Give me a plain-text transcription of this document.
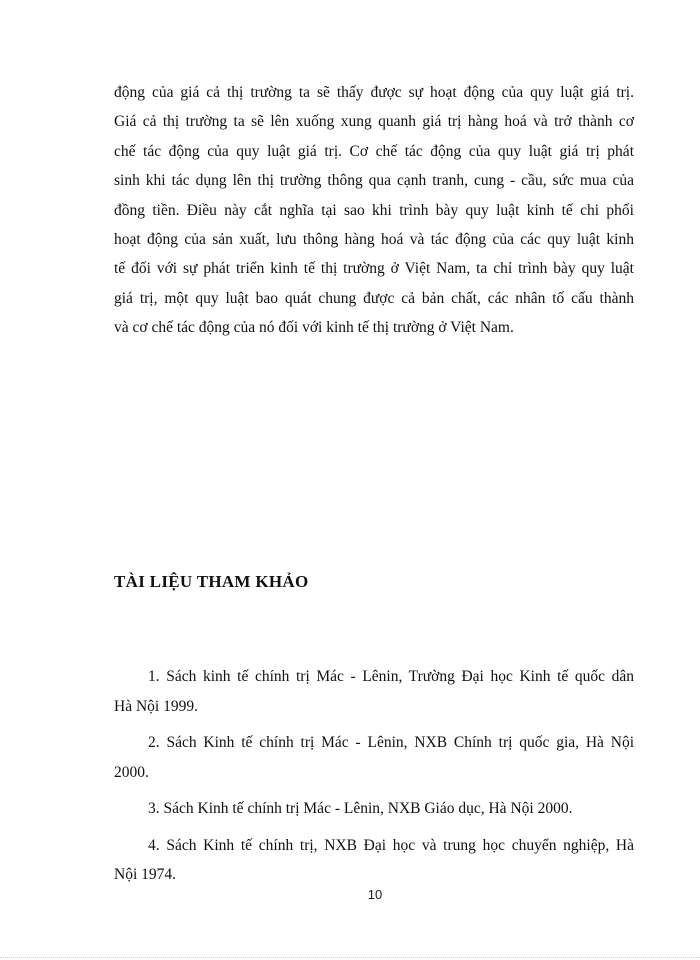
động của giá cả thị trường ta sẽ thấy được sự hoạt động của quy luật giá trị.
Giá cả thị trường ta sẽ lên xuống xung quanh giá trị hàng hoá và trở thành cơ
chế tác động của quy luật giá trị. Cơ chế tác động của quy luật giá trị phát
sinh khi tác dụng lên thị trường thông qua cạnh tranh, cung - cầu, sức mua của
đồng tiền. Điều này cắt nghĩa tại sao khi trình bày quy luật kinh tế chi phối
hoạt động của sản xuất, lưu thông hàng hoá và tác động của các quy luật kinh
tế đối với sự phát triển kinh tế thị trường ở Việt Nam, ta chỉ trình bày quy luật
giá trị, một quy luật bao quát chung được cả bản chất, các nhân tố cấu thành
và cơ chế tác động của nó đối với kinh tế thị trường ở Việt Nam.

TÀI LIỆU THAM KHẢO
1. Sách kinh tế chính trị Mác - Lênin, Trường Đại học Kinh tế quốc dân
Hà Nội 1999.
2. Sách Kinh tế chính trị Mác - Lênin, NXB Chính trị quốc gia, Hà Nội
2000.
3. Sách Kinh tế chính trị Mác - Lênin, NXB Giáo dục, Hà Nội 2000.
4. Sách Kinh tế chính trị, NXB Đại học và trung học chuyển nghiệp, Hà
Nội 1974.
10
